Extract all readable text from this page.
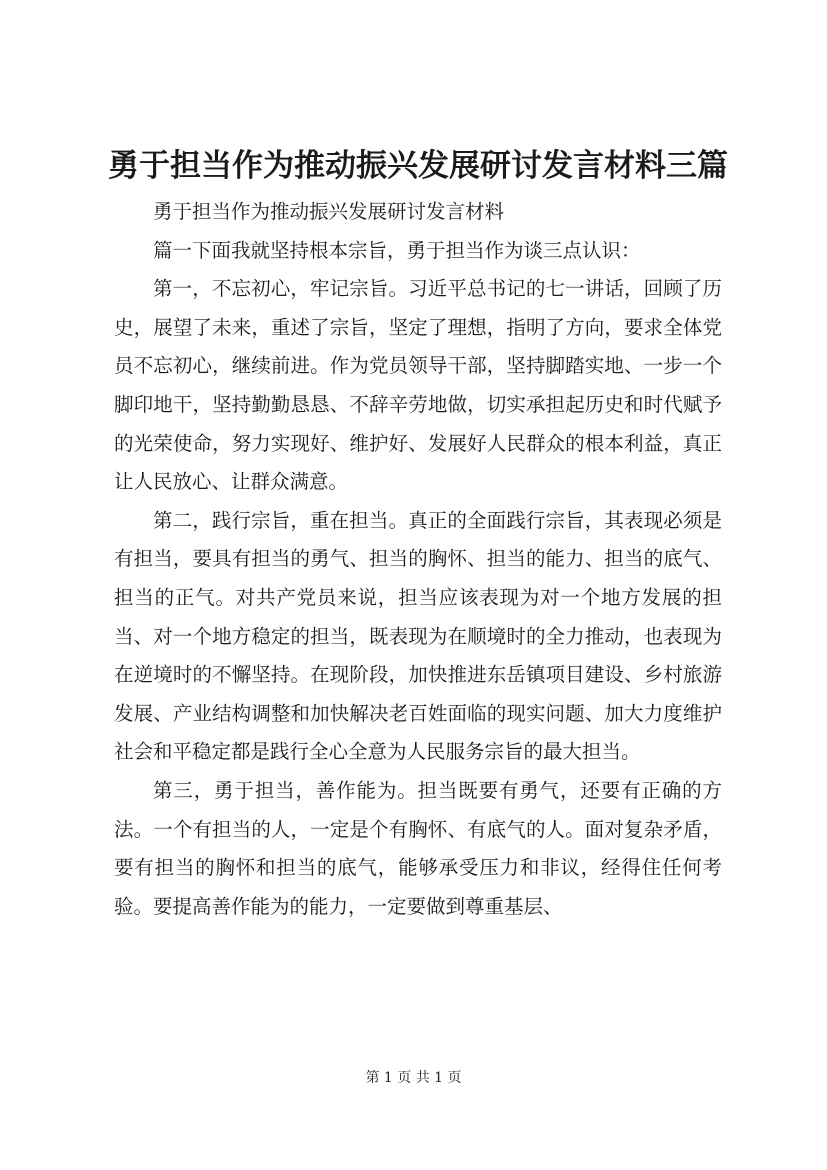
勇于担当作为推动振兴发展研讨发言材料三篇

勇于担当作为推动振兴发展研讨发言材料

篇一下面我就坚持根本宗旨，勇于担当作为谈三点认识：

第一，不忘初心，牢记宗旨。习近平总书记的七一讲话，回顾了历史，展望了未来，重述了宗旨，坚定了理想，指明了方向，要求全体党员不忘初心，继续前进。作为党员领导干部，坚持脚踏实地、一步一个脚印地干，坚持勤勤恳恳、不辞辛劳地做，切实承担起历史和时代赋予的光荣使命，努力实现好、维护好、发展好人民群众的根本利益，真正让人民放心、让群众满意。

第二，践行宗旨，重在担当。真正的全面践行宗旨，其表现必须是有担当，要具有担当的勇气、担当的胸怀、担当的能力、担当的底气、担当的正气。对共产党员来说，担当应该表现为对一个地方发展的担当、对一个地方稳定的担当，既表现为在顺境时的全力推动，也表现为在逆境时的不懈坚持。在现阶段，加快推进东岳镇项目建设、乡村旅游发展、产业结构调整和加快解决老百姓面临的现实问题、加大力度维护社会和平稳定都是践行全心全意为人民服务宗旨的最大担当。

第三，勇于担当，善作能为。担当既要有勇气，还要有正确的方法。一个有担当的人，一定是个有胸怀、有底气的人。面对复杂矛盾，要有担当的胸怀和担当的底气，能够承受压力和非议，经得住任何考验。要提高善作能为的能力，一定要做到尊重基层、

第 1 页 共 1 页
